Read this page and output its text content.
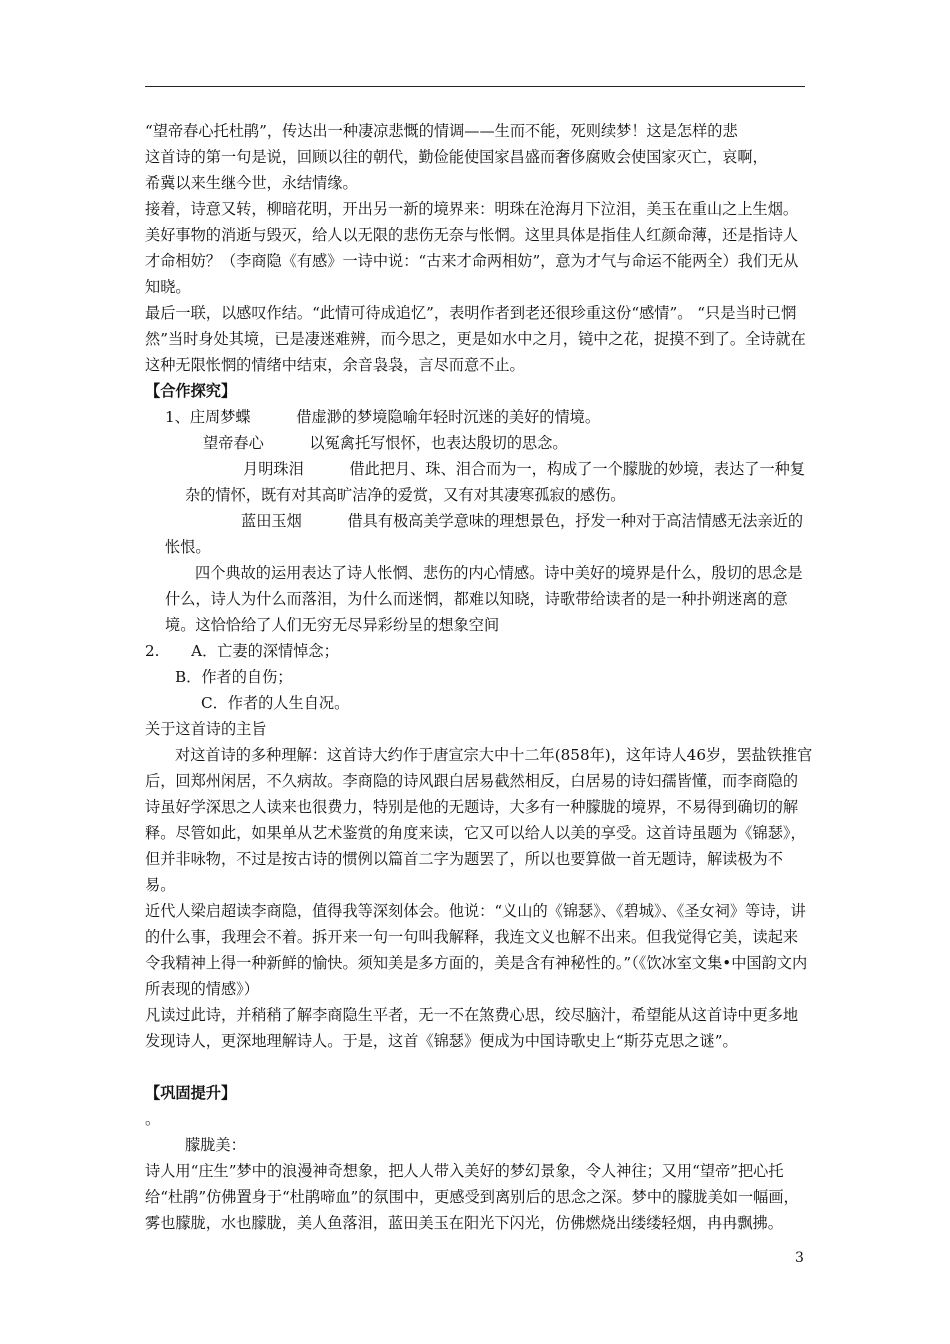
“望帝春心托杜鹃”，传达出一种凄凉悲慨的情调——生而不能，死则续梦！这是怎样的悲

这首诗的第一句是说，回顾以往的朝代，勤俭能使国家昌盛而奢侈腐败会使国家灭亡，哀啊，

希冀以来生继今世，永结情缘。

接着，诗意又转，柳暗花明，开出另一新的境界来：明珠在沧海月下泣泪，美玉在重山之上生烟。美好事物的消逝与毁灭，给人以无限的悲伤无奈与怅惘。这里具体是指佳人红颜命薄，还是指诗人才命相妨？（李商隐《有感》一诗中说：“古来才命两相妨”，意为才气与命运不能两全）我们无从知晓。

最后一联，以感叹作结。“此情可待成追忆”，表明作者到老还很珍重这份“感情”。 “只是当时已惘然”当时身处其境，已是凄迷难辨，而今思之，更是如水中之月，镜中之花，捉摸不到了。全诗就在这种无限怅惘的情绪中结束，余音袅袅，言尽而意不止。

【合作探究】

1、庄周梦蝶	借虚渺的梦境隐喻年轻时沉迷的美好的情境。

望帝春心	以冤禽托写恨怀，也表达殷切的思念。

月明珠泪	借此把月、珠、泪合而为一，构成了一个朦胧的妙境，表达了一种复杂的情怀，既有对其高旷洁净的爱赏，又有对其凄寒孤寂的感伤。

蓝田玉烟	借具有极高美学意味的理想景色，抒发一种对于高洁情感无法亲近的怅恨。

四个典故的运用表达了诗人怅惘、悲伤的内心情感。诗中美好的境界是什么，殷切的思念是什么，诗人为什么而落泪，为什么而迷惘，都难以知晓，诗歌带给读者的是一种扑朔迷离的意境。这恰恰给了人们无穷无尽异彩纷呈的想象空间

2. A．亡妻的深情悼念；

B．作者的自伤；

C．作者的人生自况。

关于这首诗的主旨

对这首诗的多种理解：这首诗大约作于唐宣宗大中十二年(858年)，这年诗人46岁，罢盐铁推官后，回郑州闲居，不久病故。李商隐的诗风跟白居易截然相反，白居易的诗妇孺皆懂，而李商隐的诗虽好学深思之人读来也很费力，特别是他的无题诗，大多有一种朦胧的境界，不易得到确切的解释。尽管如此，如果单从艺术鉴赏的角度来读，它又可以给人以美的享受。这首诗虽题为《锦瑟》，但并非咏物，不过是按古诗的惯例以篇首二字为题罢了，所以也要算做一首无题诗，解读极为不易。

近代人梁启超读李商隐，值得我等深刻体会。他说：“义山的《锦瑟》、《碧城》、《圣女祠》等诗，讲的什么事，我理会不着。拆开来一句一句叫我解释，我连文义也解不出来。但我觉得它美，读起来令我精神上得一种新鲜的愉快。须知美是多方面的，美是含有神秘性的。”（《饮冰室文集•中国韵文内所表现的情感》）

凡读过此诗，并稍稍了解李商隐生平者，无一不在煞费心思，绞尽脑汁，希望能从这首诗中更多地发现诗人，更深地理解诗人。于是，这首《锦瑟》便成为中国诗歌史上“斯芬克思之谜”。

【巩固提升】

。

朦胧美：

诗人用“庄生”梦中的浪漫神奇想象，把人人带入美好的梦幻景象，令人神往；又用“望帝”把心托给“杜鹃”仿佛置身于“杜鹃啼血”的氛围中，更感受到离别后的思念之深。梦中的朦胧美如一幅画，雾也朦胧，水也朦胧，美人鱼落泪，蓝田美玉在阳光下闪光，仿佛燃烧出缕缕轻烟，冉冉飘拂。

3
